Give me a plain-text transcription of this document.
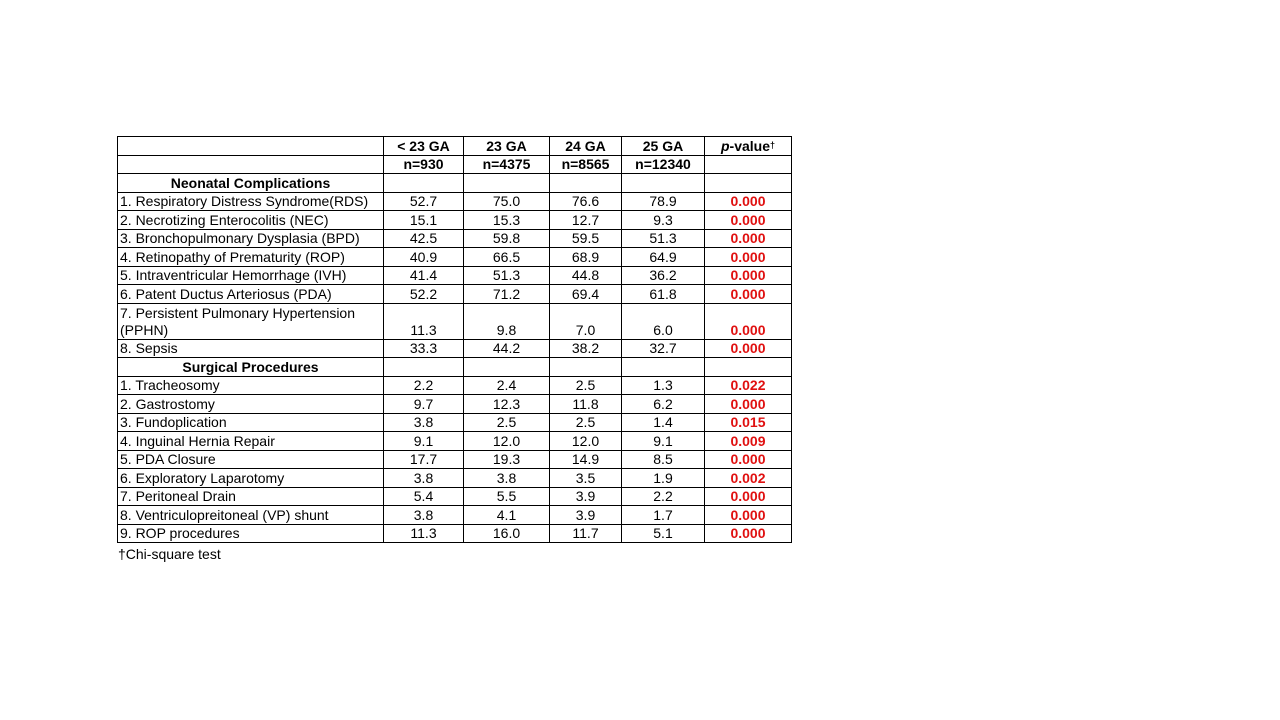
	< 23 GA	23 GA	24 GA	25 GA	p-value†
	n=930	n=4375	n=8565	n=12340	
Neonatal Complications					
1. Respiratory Distress Syndrome(RDS)	52.7	75.0	76.6	78.9	0.000
2. Necrotizing Enterocolitis (NEC)	15.1	15.3	12.7	9.3	0.000
3. Bronchopulmonary Dysplasia (BPD)	42.5	59.8	59.5	51.3	0.000
4. Retinopathy of Prematurity (ROP)	40.9	66.5	68.9	64.9	0.000
5. Intraventricular Hemorrhage (IVH)	41.4	51.3	44.8	36.2	0.000
6. Patent Ductus Arteriosus (PDA)	52.2	71.2	69.4	61.8	0.000
7. Persistent Pulmonary Hypertension (PPHN)	11.3	9.8	7.0	6.0	0.000
8. Sepsis	33.3	44.2	38.2	32.7	0.000
Surgical Procedures					
1. Tracheosomy	2.2	2.4	2.5	1.3	0.022
2. Gastrostomy	9.7	12.3	11.8	6.2	0.000
3. Fundoplication	3.8	2.5	2.5	1.4	0.015
4. Inguinal Hernia Repair	9.1	12.0	12.0	9.1	0.009
5. PDA Closure	17.7	19.3	14.9	8.5	0.000
6. Exploratory Laparotomy	3.8	3.8	3.5	1.9	0.002
7. Peritoneal Drain	5.4	5.5	3.9	2.2	0.000
8. Ventriculopreitoneal (VP) shunt	3.8	4.1	3.9	1.7	0.000
9. ROP procedures	11.3	16.0	11.7	5.1	0.000
†Chi-square test
